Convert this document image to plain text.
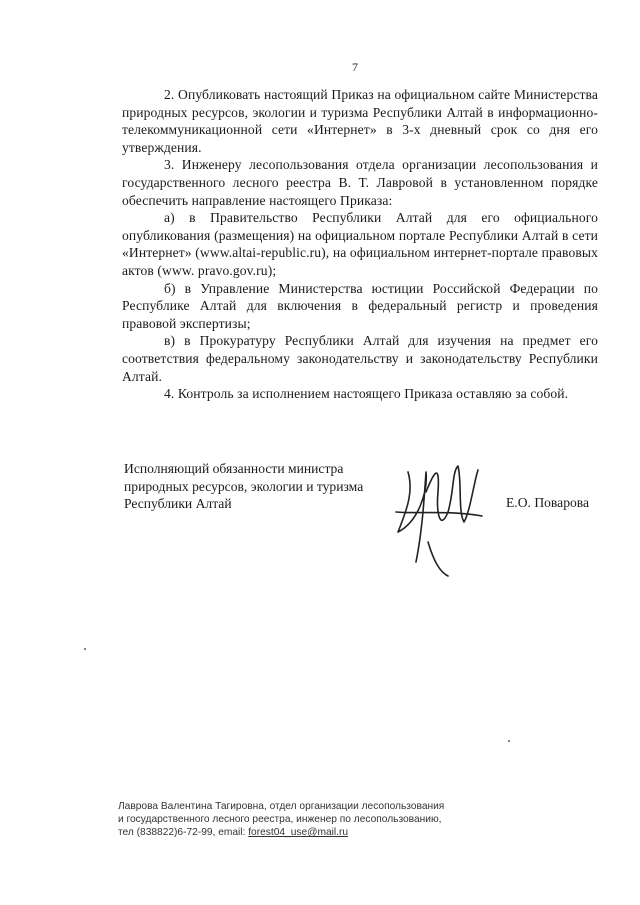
7

2. Опубликовать настоящий Приказ на официальном сайте Министерства природных ресурсов, экологии и туризма Республики Алтай в информационно-телекоммуникационной сети «Интернет» в 3-х дневный срок со дня его утверждения.

3. Инженеру лесопользования отдела организации лесопользования и государственного лесного реестра В. Т. Лавровой в установленном порядке обеспечить направление настоящего Приказа:

а) в Правительство Республики Алтай для его официального опубликования (размещения) на официальном портале Республики Алтай в сети «Интернет» (www.altai-republic.ru), на официальном интернет-портале правовых актов (www. pravo.gov.ru);

б) в Управление Министерства юстиции Российской Федерации по Республике Алтай для включения в федеральный регистр и проведения правовой экспертизы;

в) в Прокуратуру Республики Алтай для изучения на предмет его соответствия федеральному законодательству и законодательству Республики Алтай.

4. Контроль за исполнением настоящего Приказа оставляю за собой.

Исполняющий обязанности министра
природных ресурсов, экологии и туризма
Республики Алтай	Е.О. Поварова
Лаврова Валентина Тагировна, отдел организации лесопользования
и государственного лесного реестра, инженер по лесопользованию,
тел (838822)6-72-99, email: forest04_use@mail.ru
